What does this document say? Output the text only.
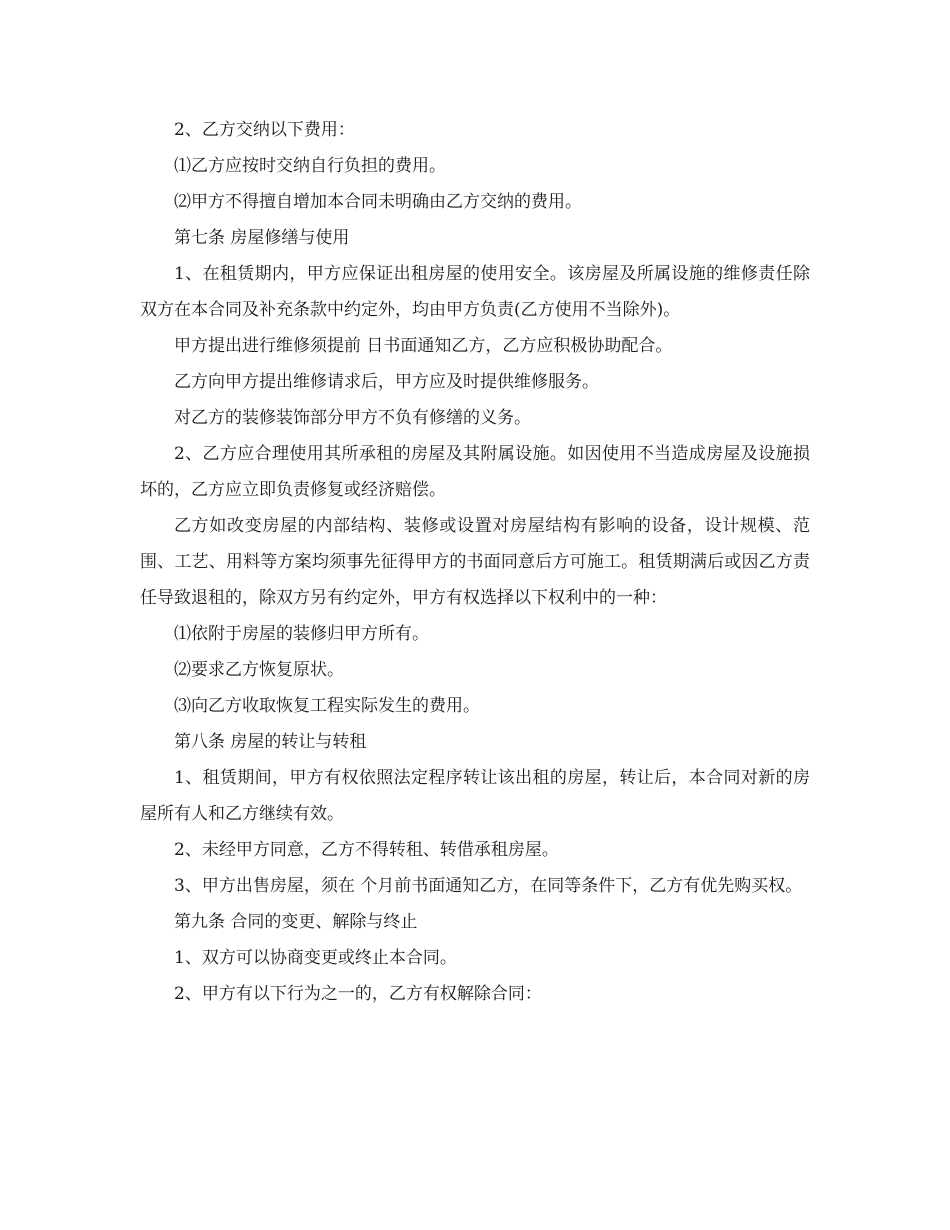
2、乙方交纳以下费用：

⑴乙方应按时交纳自行负担的费用。

⑵甲方不得擅自增加本合同未明确由乙方交纳的费用。

第七条 房屋修缮与使用

1、在租赁期内，甲方应保证出租房屋的使用安全。该房屋及所属设施的维修责任除双方在本合同及补充条款中约定外，均由甲方负责(乙方使用不当除外)。

甲方提出进行维修须提前 日书面通知乙方，乙方应积极协助配合。

乙方向甲方提出维修请求后，甲方应及时提供维修服务。

对乙方的装修装饰部分甲方不负有修缮的义务。

2、乙方应合理使用其所承租的房屋及其附属设施。如因使用不当造成房屋及设施损坏的，乙方应立即负责修复或经济赔偿。

乙方如改变房屋的内部结构、装修或设置对房屋结构有影响的设备，设计规模、范围、工艺、用料等方案均须事先征得甲方的书面同意后方可施工。租赁期满后或因乙方责任导致退租的，除双方另有约定外，甲方有权选择以下权利中的一种：

⑴依附于房屋的装修归甲方所有。

⑵要求乙方恢复原状。

⑶向乙方收取恢复工程实际发生的费用。

第八条 房屋的转让与转租

1、租赁期间，甲方有权依照法定程序转让该出租的房屋，转让后，本合同对新的房屋所有人和乙方继续有效。

2、未经甲方同意，乙方不得转租、转借承租房屋。

3、甲方出售房屋，须在 个月前书面通知乙方，在同等条件下，乙方有优先购买权。

第九条 合同的变更、解除与终止

1、双方可以协商变更或终止本合同。

2、甲方有以下行为之一的，乙方有权解除合同：
